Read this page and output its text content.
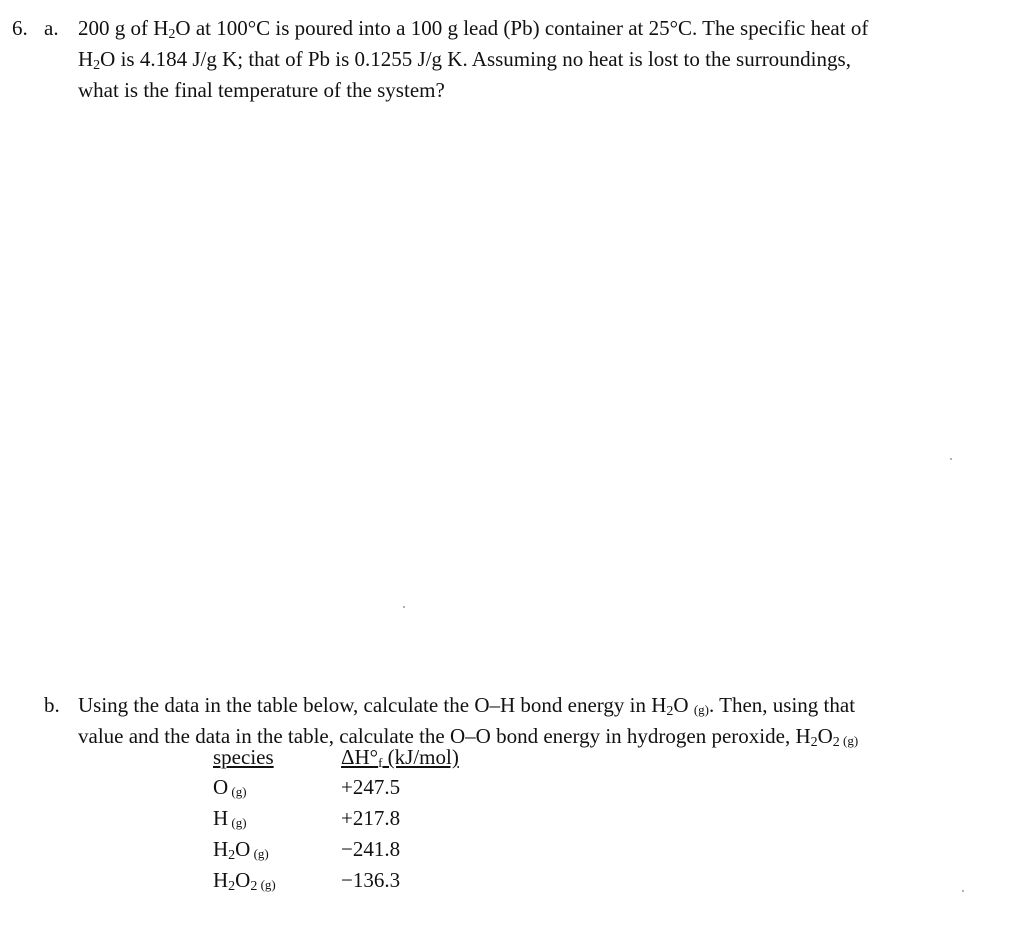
6. a. 200 g of $H_2O$ at 100°C is poured into a 100 g lead (Pb) container at 25°C. The specific heat of
$H_2O$ is 4.184 J/g K; that of Pb is 0.1255 J/g K. Assuming no heat is lost to the surroundings,
what is the final temperature of the system?
b. Using the data in the table below, calculate the O–H bond energy in $H_2O$ (g). Then, using that
value and the data in the table, calculate the O–O bond energy in hydrogen peroxide, $H_2O_2$ (g)
species	ΔH°f (kJ/mol)
O (g)	+247.5
H (g)	+217.8
$H_2O$ (g)	−241.8
$H_2O_2$ (g)	−136.3
